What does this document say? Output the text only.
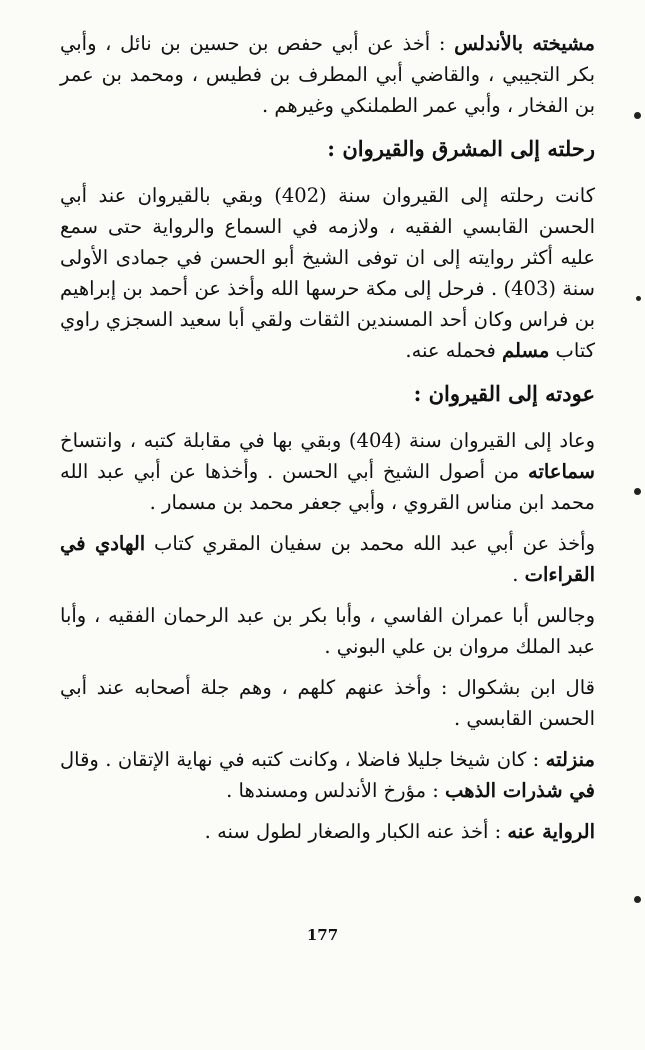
مشيخته بالأندلس : أخذ عن أبي حفص بن حسين بن نائل ، وأبي بكر التجيبي ، والقاضي أبي المطرف بن فطيس ، ومحمد بن عمر بن الفخار ، وأبي عمر الطملنكي وغيرهم .

رحلته إلى المشرق والقيروان :

كانت رحلته إلى القيروان سنة (402) وبقي بالقيروان عند أبي الحسن القابسي الفقيه ، ولازمه في السماع والرواية حتى سمع عليه أكثر روايته إلى ان توفى الشيخ أبو الحسن في جمادى الأولى سنة (403) . فرحل إلى مكة حرسها الله وأخذ عن أحمد بن إبراهيم بن فراس وكان أحد المسندين الثقات ولقي أبا سعيد السجزي راوي كتاب مسلم فحمله عنه.

عودته إلى القيروان :

وعاد إلى القيروان سنة (404) وبقي بها في مقابلة كتبه ، وانتساخ سماعاته من أصول الشيخ أبي الحسن . وأخذها عن أبي عبد الله محمد ابن مناس القروي ، وأبي جعفر محمد بن مسمار .

وأخذ عن أبي عبد الله محمد بن سفيان المقري كتاب الهادي في القراءات .

وجالس أبا عمران الفاسي ، وأبا بكر بن عبد الرحمان الفقيه ، وأبا عبد الملك مروان بن علي البوني .

قال ابن بشكوال : وأخذ عنهم كلهم ، وهم جلة أصحابه عند أبي الحسن القابسي .

منزلته : كان شيخا جليلا فاضلا ، وكانت كتبه في نهاية الإتقان . وقال في شذرات الذهب : مؤرخ الأندلس ومسندها .

الرواية عنه : أخذ عنه الكبار والصغار لطول سنه .

177
